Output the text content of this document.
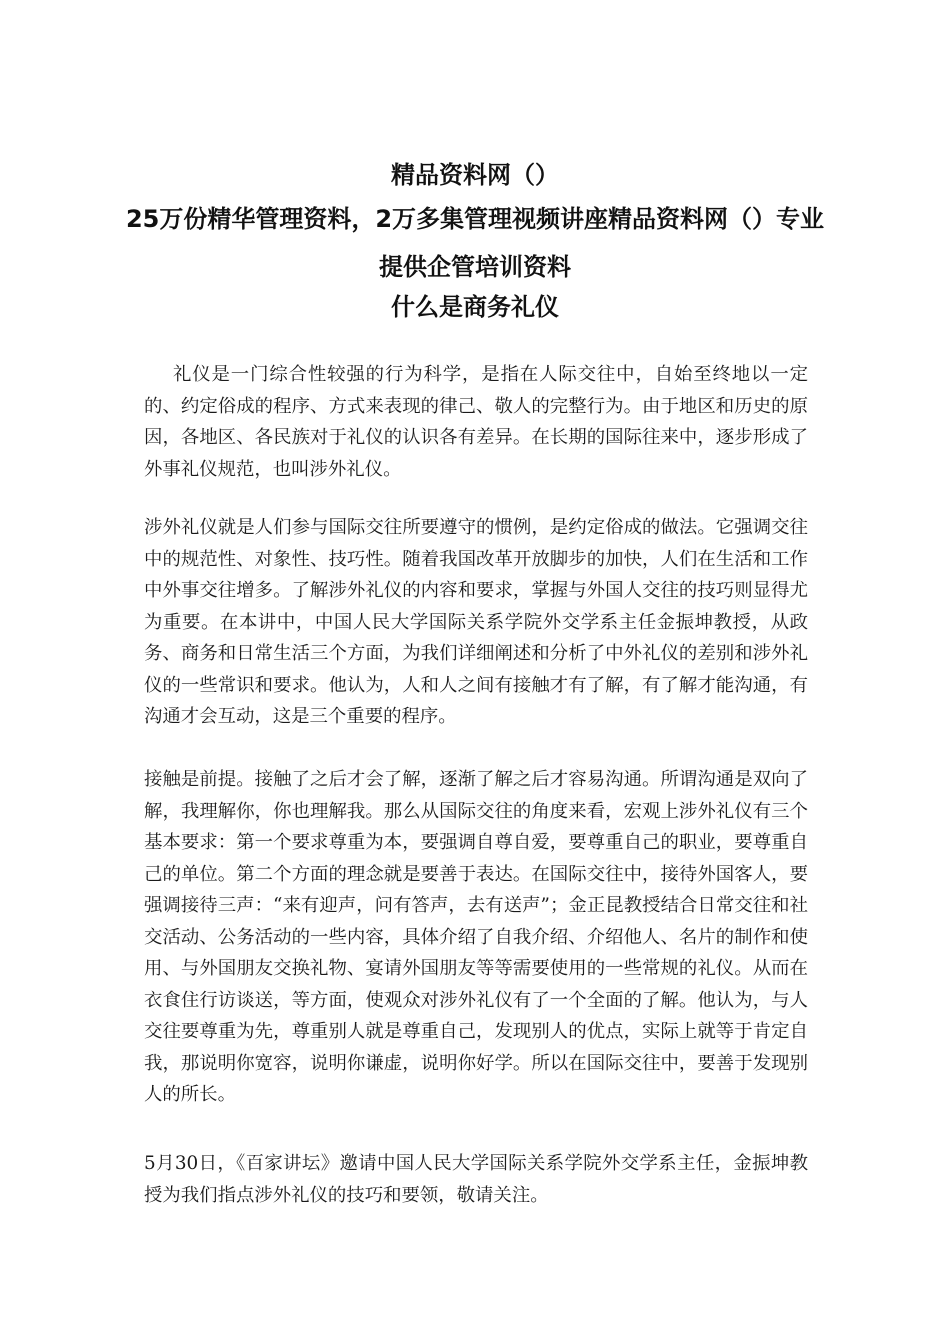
精品资料网（）
25万份精华管理资料，2万多集管理视频讲座精品资料网（）专业提供企管培训资料
什么是商务礼仪

礼仪是一门综合性较强的行为科学，是指在人际交往中，自始至终地以一定的、约定俗成的程序、方式来表现的律己、敬人的完整行为。由于地区和历史的原因，各地区、各民族对于礼仪的认识各有差异。在长期的国际往来中，逐步形成了外事礼仪规范，也叫涉外礼仪。

涉外礼仪就是人们参与国际交往所要遵守的惯例，是约定俗成的做法。它强调交往中的规范性、对象性、技巧性。随着我国改革开放脚步的加快，人们在生活和工作中外事交往增多。了解涉外礼仪的内容和要求，掌握与外国人交往的技巧则显得尤为重要。在本讲中，中国人民大学国际关系学院外交学系主任金振坤教授，从政务、商务和日常生活三个方面，为我们详细阐述和分析了中外礼仪的差别和涉外礼仪的一些常识和要求。他认为，人和人之间有接触才有了解，有了解才能沟通，有沟通才会互动，这是三个重要的程序。

接触是前提。接触了之后才会了解，逐渐了解之后才容易沟通。所谓沟通是双向了解，我理解你，你也理解我。那么从国际交往的角度来看，宏观上涉外礼仪有三个基本要求：第一个要求尊重为本，要强调自尊自爱，要尊重自己的职业，要尊重自己的单位。第二个方面的理念就是要善于表达。在国际交往中，接待外国客人，要强调接待三声：“来有迎声，问有答声，去有送声”；金正昆教授结合日常交往和社交活动、公务活动的一些内容，具体介绍了自我介绍、介绍他人、名片的制作和使用、与外国朋友交换礼物、宴请外国朋友等等需要使用的一些常规的礼仪。从而在衣食住行访谈送，等方面，使观众对涉外礼仪有了一个全面的了解。他认为，与人交往要尊重为先，尊重别人就是尊重自己，发现别人的优点，实际上就等于肯定自我，那说明你宽容，说明你谦虚，说明你好学。所以在国际交往中，要善于发现别人的所长。

5月30日，《百家讲坛》邀请中国人民大学国际关系学院外交学系主任，金振坤教授为我们指点涉外礼仪的技巧和要领，敬请关注。
